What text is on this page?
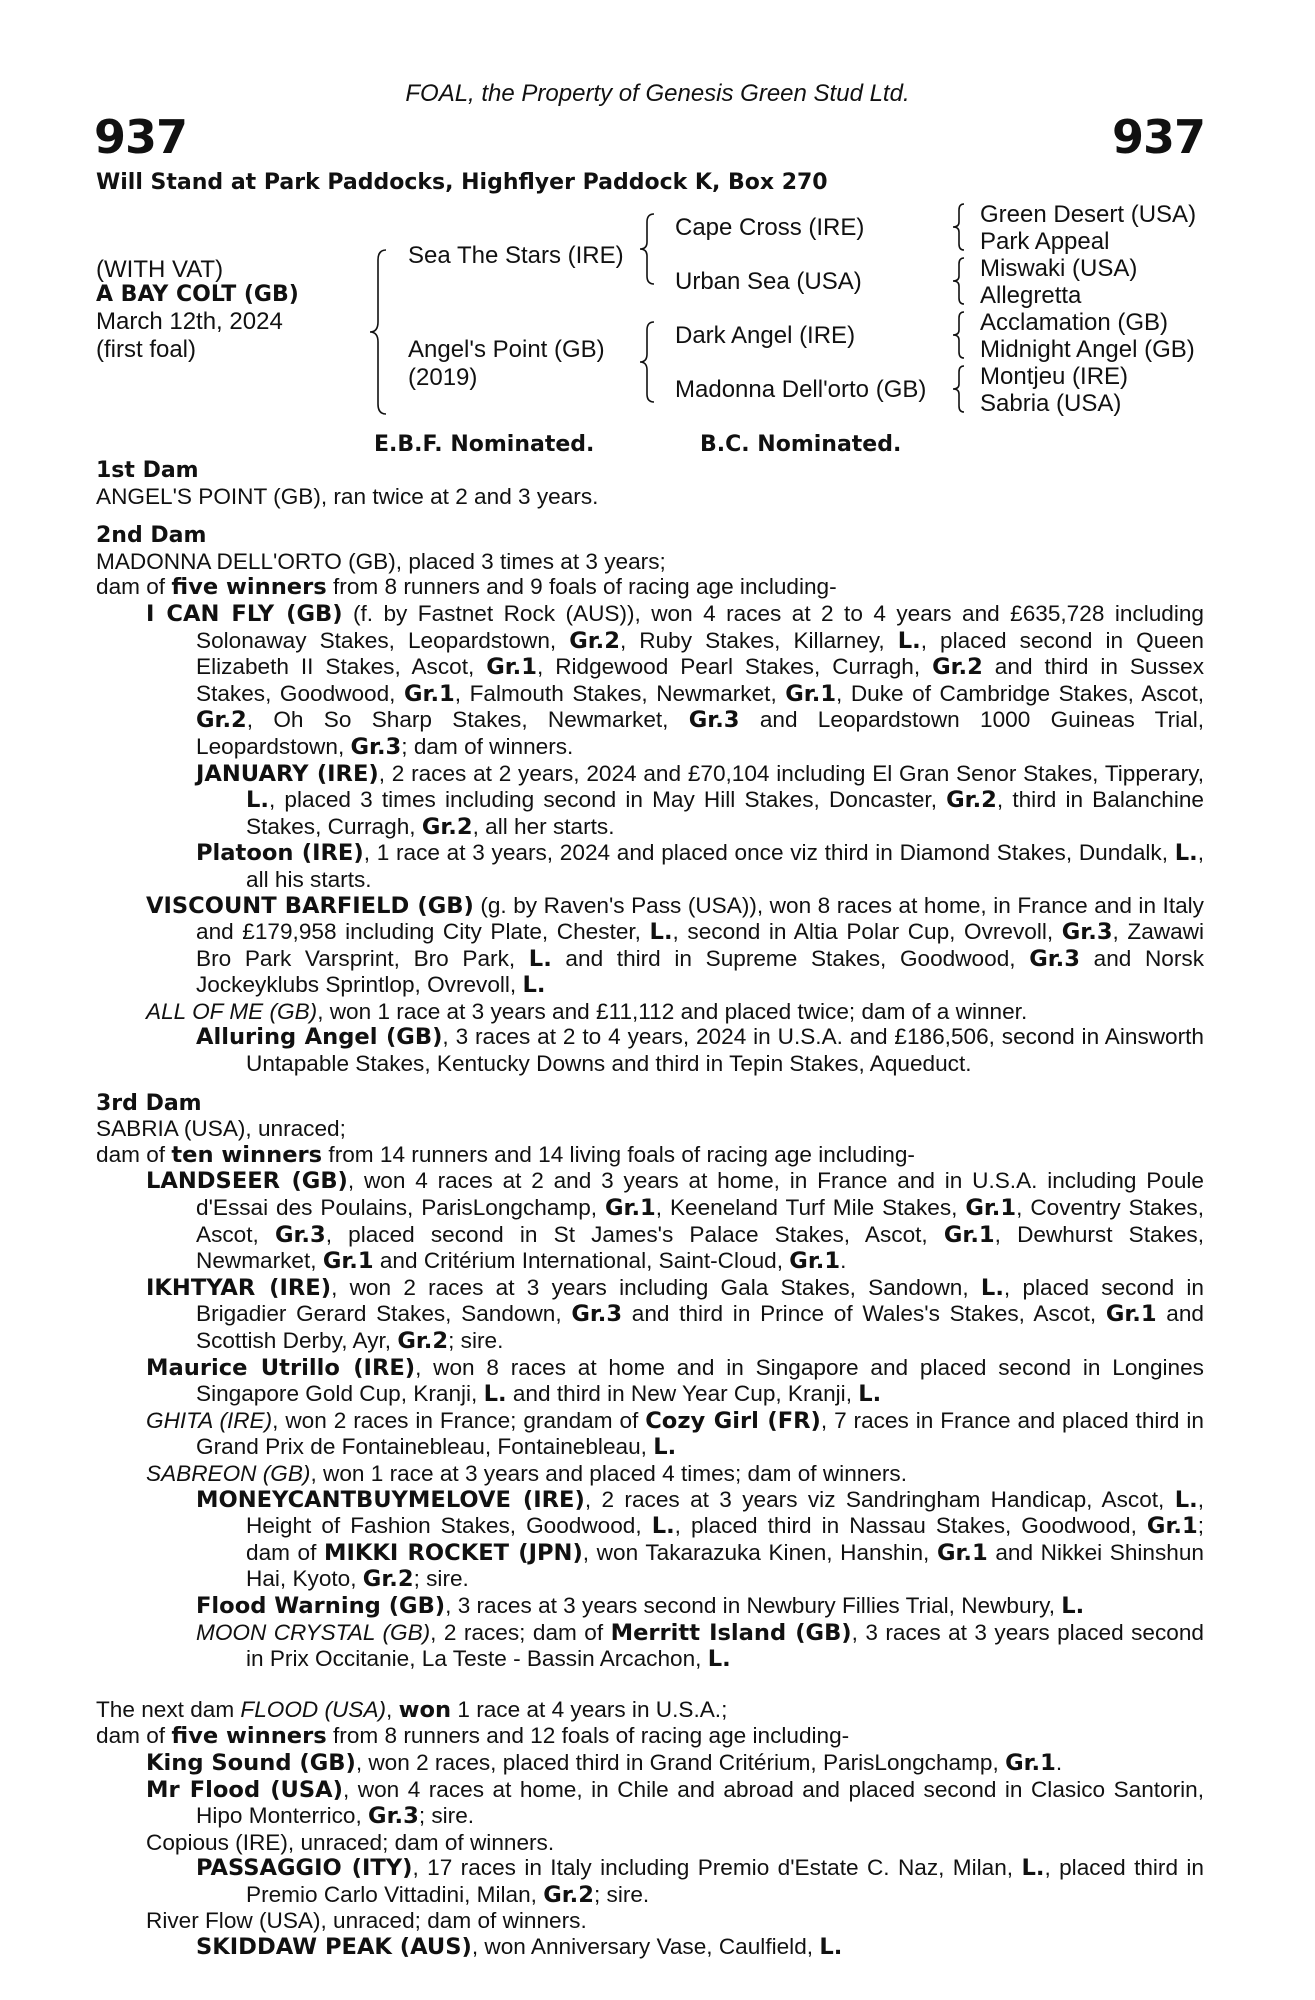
FOAL, the Property of Genesis Green Stud Ltd.
937	937
Will Stand at Park Paddocks, Highflyer Paddock K, Box 270
(WITH VAT)
A BAY COLT (GB)
March 12th, 2024
(first foal)
Sea The Stars (IRE)
Angel's Point (GB)
(2019)
Cape Cross (IRE)
Urban Sea (USA)
Dark Angel (IRE)
Madonna Dell'orto (GB)
Green Desert (USA)
Park Appeal
Miswaki (USA)
Allegretta
Acclamation (GB)
Midnight Angel (GB)
Montjeu (IRE)
Sabria (USA)
E.B.F. Nominated.	B.C. Nominated.
1st Dam
ANGEL'S POINT (GB), ran twice at 2 and 3 years.
2nd Dam
MADONNA DELL'ORTO (GB), placed 3 times at 3 years;
dam of five winners from 8 runners and 9 foals of racing age including-
I CAN FLY (GB) (f. by Fastnet Rock (AUS)), won 4 races at 2 to 4 years and £635,728 including Solonaway Stakes, Leopardstown, Gr.2, Ruby Stakes, Killarney, L., placed second in Queen Elizabeth II Stakes, Ascot, Gr.1, Ridgewood Pearl Stakes, Curragh, Gr.2 and third in Sussex Stakes, Goodwood, Gr.1, Falmouth Stakes, Newmarket, Gr.1, Duke of Cambridge Stakes, Ascot, Gr.2, Oh So Sharp Stakes, Newmarket, Gr.3 and Leopardstown 1000 Guineas Trial, Leopardstown, Gr.3; dam of winners.
JANUARY (IRE), 2 races at 2 years, 2024 and £70,104 including El Gran Senor Stakes, Tipperary, L., placed 3 times including second in May Hill Stakes, Doncaster, Gr.2, third in Balanchine Stakes, Curragh, Gr.2, all her starts.
Platoon (IRE), 1 race at 3 years, 2024 and placed once viz third in Diamond Stakes, Dundalk, L., all his starts.
VISCOUNT BARFIELD (GB) (g. by Raven's Pass (USA)), won 8 races at home, in France and in Italy and £179,958 including City Plate, Chester, L., second in Altia Polar Cup, Ovrevoll, Gr.3, Zawawi Bro Park Varsprint, Bro Park, L. and third in Supreme Stakes, Goodwood, Gr.3 and Norsk Jockeyklubs Sprintlop, Ovrevoll, L.
ALL OF ME (GB), won 1 race at 3 years and £11,112 and placed twice; dam of a winner.
Alluring Angel (GB), 3 races at 2 to 4 years, 2024 in U.S.A. and £186,506, second in Ainsworth Untapable Stakes, Kentucky Downs and third in Tepin Stakes, Aqueduct.
3rd Dam
SABRIA (USA), unraced;
dam of ten winners from 14 runners and 14 living foals of racing age including-
LANDSEER (GB), won 4 races at 2 and 3 years at home, in France and in U.S.A. including Poule d'Essai des Poulains, ParisLongchamp, Gr.1, Keeneland Turf Mile Stakes, Gr.1, Coventry Stakes, Ascot, Gr.3, placed second in St James's Palace Stakes, Ascot, Gr.1, Dewhurst Stakes, Newmarket, Gr.1 and Critérium International, Saint-Cloud, Gr.1.
IKHTYAR (IRE), won 2 races at 3 years including Gala Stakes, Sandown, L., placed second in Brigadier Gerard Stakes, Sandown, Gr.3 and third in Prince of Wales's Stakes, Ascot, Gr.1 and Scottish Derby, Ayr, Gr.2; sire.
Maurice Utrillo (IRE), won 8 races at home and in Singapore and placed second in Longines Singapore Gold Cup, Kranji, L. and third in New Year Cup, Kranji, L.
GHITA (IRE), won 2 races in France; grandam of Cozy Girl (FR), 7 races in France and placed third in Grand Prix de Fontainebleau, Fontainebleau, L.
SABREON (GB), won 1 race at 3 years and placed 4 times; dam of winners.
MONEYCANTBUYMELOVE (IRE), 2 races at 3 years viz Sandringham Handicap, Ascot, L., Height of Fashion Stakes, Goodwood, L., placed third in Nassau Stakes, Goodwood, Gr.1; dam of MIKKI ROCKET (JPN), won Takarazuka Kinen, Hanshin, Gr.1 and Nikkei Shinshun Hai, Kyoto, Gr.2; sire.
Flood Warning (GB), 3 races at 3 years second in Newbury Fillies Trial, Newbury, L.
MOON CRYSTAL (GB), 2 races; dam of Merritt Island (GB), 3 races at 3 years placed second in Prix Occitanie, La Teste - Bassin Arcachon, L.
The next dam FLOOD (USA), won 1 race at 4 years in U.S.A.;
dam of five winners from 8 runners and 12 foals of racing age including-
King Sound (GB), won 2 races, placed third in Grand Critérium, ParisLongchamp, Gr.1.
Mr Flood (USA), won 4 races at home, in Chile and abroad and placed second in Clasico Santorin, Hipo Monterrico, Gr.3; sire.
Copious (IRE), unraced; dam of winners.
PASSAGGIO (ITY), 17 races in Italy including Premio d'Estate C. Naz, Milan, L., placed third in Premio Carlo Vittadini, Milan, Gr.2; sire.
River Flow (USA), unraced; dam of winners.
SKIDDAW PEAK (AUS), won Anniversary Vase, Caulfield, L.
